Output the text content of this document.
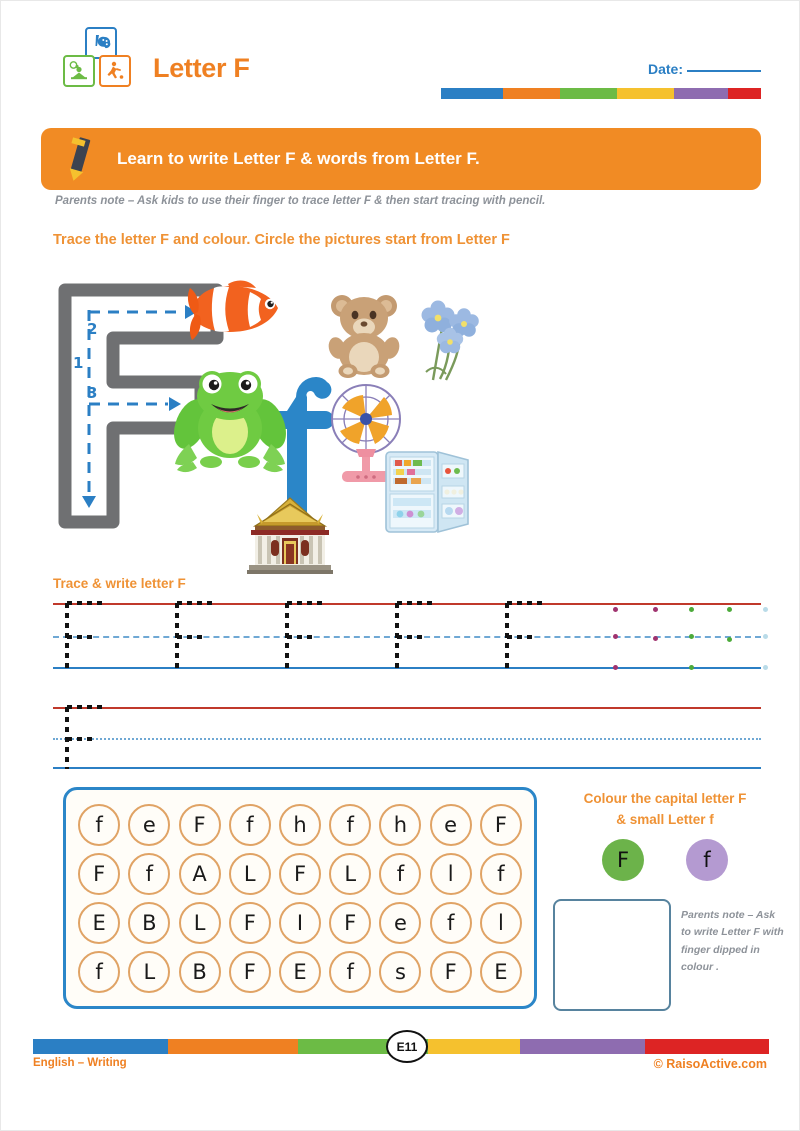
Letter F	Date:
Learn to write Letter F & words from Letter F.
Parents note – Ask kids to use their finger to trace letter F & then start tracing with pencil.
Trace the letter F and colour. Circle the pictures start from Letter F
1
2
3
Trace & write letter F
f	e	F	f	h	f	h	e	F
F	f	A	L	F	L	f	l	f
E	B	L	F	I	F	e	f	l
f	L	B	F	E	f	s	F	E
Colour the capital letter F
& small Letter f
F	f
Parents note – Ask to write Letter F with finger dipped in colour .
E11
English – Writing	© RaisoActive.com
